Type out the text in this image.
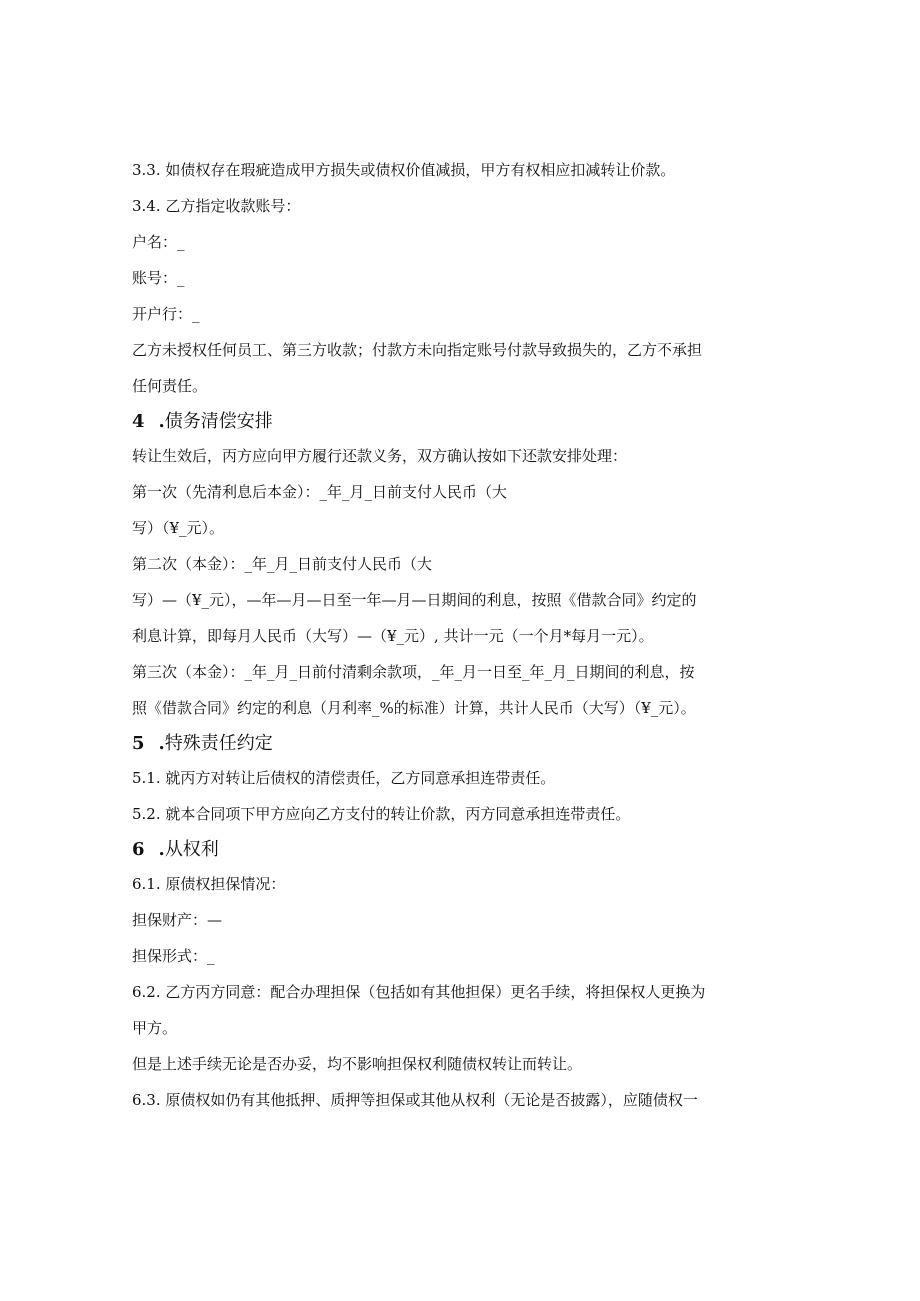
3.3. 如债权存在瑕疵造成甲方损失或债权价值减损，甲方有权相应扣减转让价款。

3.4. 乙方指定收款账号：

户名：_

账号：_

开户行：_

乙方未授权任何员工、第三方收款；付款方未向指定账号付款导致损失的，乙方不承担

任何责任。

4 .债务清偿安排

转让生效后，丙方应向甲方履行还款义务，双方确认按如下还款安排处理：

第一次（先清利息后本金）：_年_月_日前支付人民币（大

写）（¥_元）。

第二次（本金）：_年_月_日前支付人民币（大

写）—（¥_元），—年—月—日至一年—月—日期间的利息，按照《借款合同》约定的

利息计算，即每月人民币（大写）—（¥_元）, 共计一元（一个月*每月一元）。

第三次（本金）：_年_月_日前付清剩余款项，_年_月一日至_年_月_日期间的利息，按

照《借款合同》约定的利息（月利率_%的标准）计算，共计人民币（大写）（¥_元）。

5 .特殊责任约定

5.1. 就丙方对转让后债权的清偿责任，乙方同意承担连带责任。

5.2. 就本合同项下甲方应向乙方支付的转让价款，丙方同意承担连带责任。

6 .从权利

6.1. 原债权担保情况：

担保财产：—

担保形式：_

6.2. 乙方丙方同意：配合办理担保（包括如有其他担保）更名手续，将担保权人更换为

甲方。

但是上述手续无论是否办妥，均不影响担保权利随债权转让而转让。

6.3. 原债权如仍有其他抵押、质押等担保或其他从权利（无论是否披露），应随债权一
